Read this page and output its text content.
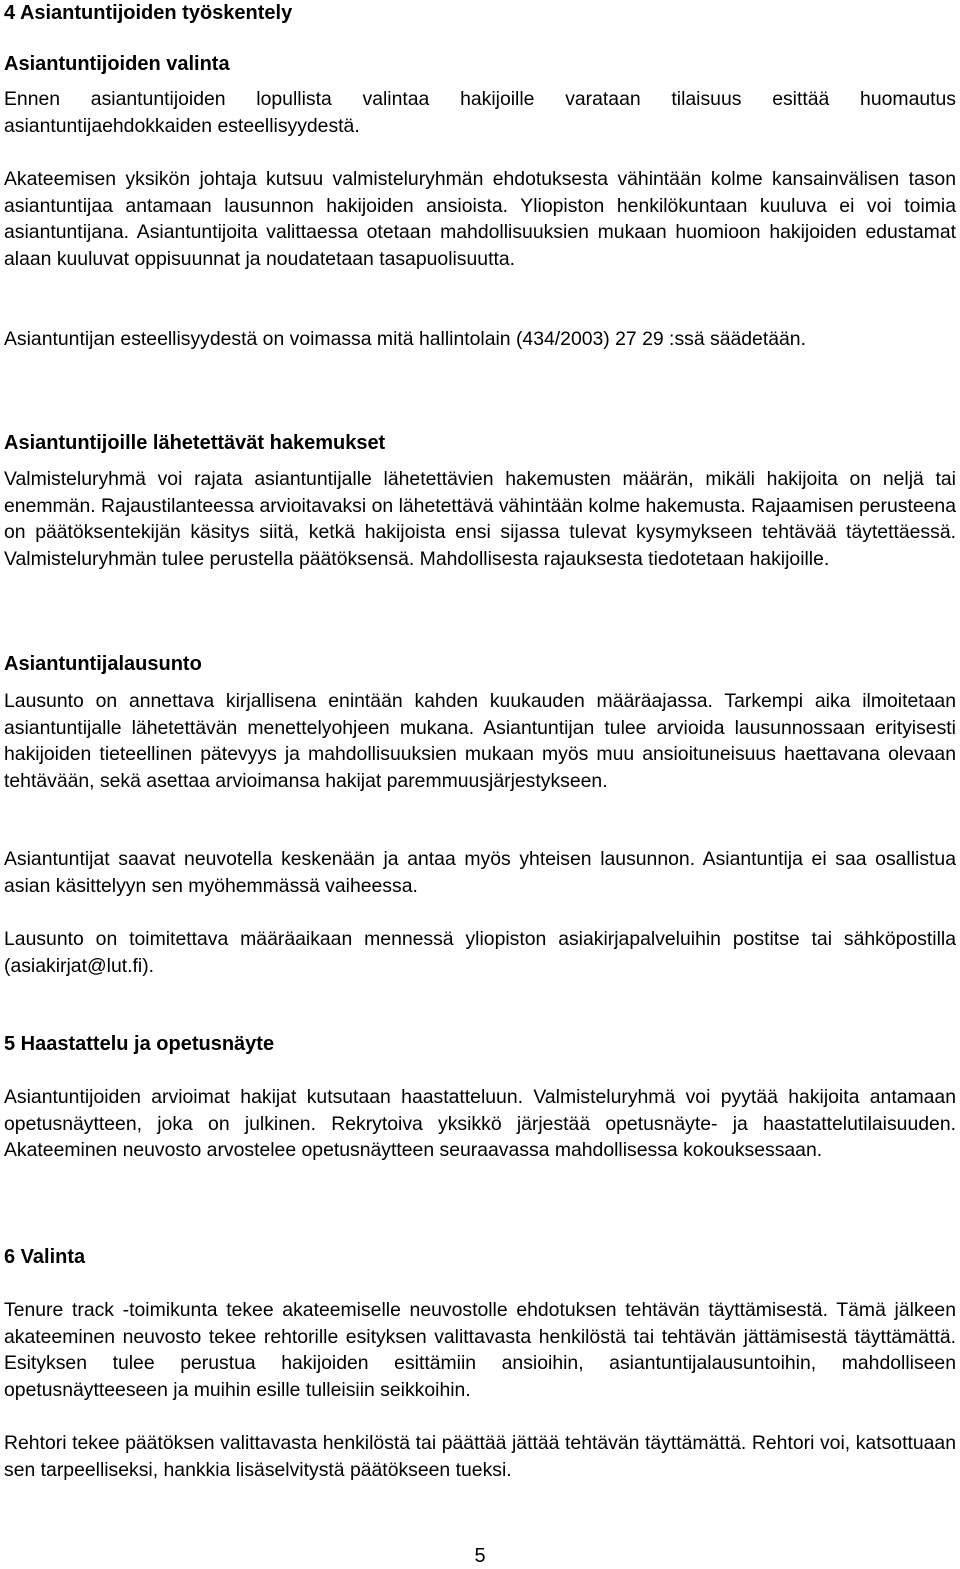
4 Asiantuntijoiden työskentely
Asiantuntijoiden valinta

Ennen asiantuntijoiden lopullista valintaa hakijoille varataan tilaisuus esittää huomautus asiantuntijaehdokkaiden esteellisyydestä.

Akateemisen yksikön johtaja kutsuu valmisteluryhmän ehdotuksesta vähintään kolme kansainvälisen tason asiantuntijaa antamaan lausunnon hakijoiden ansioista. Yliopiston henkilökuntaan kuuluva ei voi toimia asiantuntijana. Asiantuntijoita valittaessa otetaan mahdollisuuksien mukaan huomioon hakijoiden edustamat alaan kuuluvat oppisuunnat ja noudatetaan tasapuolisuutta.

Asiantuntijan esteellisyydestä on voimassa mitä hallintolain (434/2003) 27 29 :ssä säädetään.

Asiantuntijoille lähetettävät hakemukset

Valmisteluryhmä voi rajata asiantuntijalle lähetettävien hakemusten määrän, mikäli hakijoita on neljä tai enemmän. Rajaustilanteessa arvioitavaksi on lähetettävä vähintään kolme hakemusta. Rajaamisen perusteena on päätöksentekijän käsitys siitä, ketkä hakijoista ensi sijassa tulevat kysymykseen tehtävää täytettäessä. Valmisteluryhmän tulee perustella päätöksensä. Mahdollisesta rajauksesta tiedotetaan hakijoille.

Asiantuntijalausunto

Lausunto on annettava kirjallisena enintään kahden kuukauden määräajassa. Tarkempi aika ilmoitetaan asiantuntijalle lähetettävän menettelyohjeen mukana. Asiantuntijan tulee arvioida lausunnossaan erityisesti hakijoiden tieteellinen pätevyys ja mahdollisuuksien mukaan myös muu ansioituneisuus haettavana olevaan tehtävään, sekä asettaa arvioimansa hakijat paremmuusjärjestykseen.

Asiantuntijat saavat neuvotella keskenään ja antaa myös yhteisen lausunnon. Asiantuntija ei saa osallistua asian käsittelyyn sen myöhemmässä vaiheessa.

Lausunto on toimitettava määräaikaan mennessä yliopiston asiakirjapalveluihin postitse tai sähköpostilla (asiakirjat@lut.fi).

5 Haastattelu ja opetusnäyte

Asiantuntijoiden arvioimat hakijat kutsutaan haastatteluun. Valmisteluryhmä voi pyytää hakijoita antamaan opetusnäytteen, joka on julkinen. Rekrytoiva yksikkö järjestää opetusnäyte- ja haastattelutilaisuuden. Akateeminen neuvosto arvostelee opetusnäytteen seuraavassa mahdollisessa kokouksessaan.

6 Valinta

Tenure track -toimikunta tekee akateemiselle neuvostolle ehdotuksen tehtävän täyttämisestä. Tämä jälkeen akateeminen neuvosto tekee rehtorille esityksen valittavasta henkilöstä tai tehtävän jättämisestä täyttämättä. Esityksen tulee perustua hakijoiden esittämiin ansioihin, asiantuntijalausuntoihin, mahdolliseen opetusnäytteeseen ja muihin esille tulleisiin seikkoihin.

Rehtori tekee päätöksen valittavasta henkilöstä tai päättää jättää tehtävän täyttämättä. Rehtori voi, katsottuaan sen tarpeelliseksi, hankkia lisäselvitystä päätökseen tueksi.

5
